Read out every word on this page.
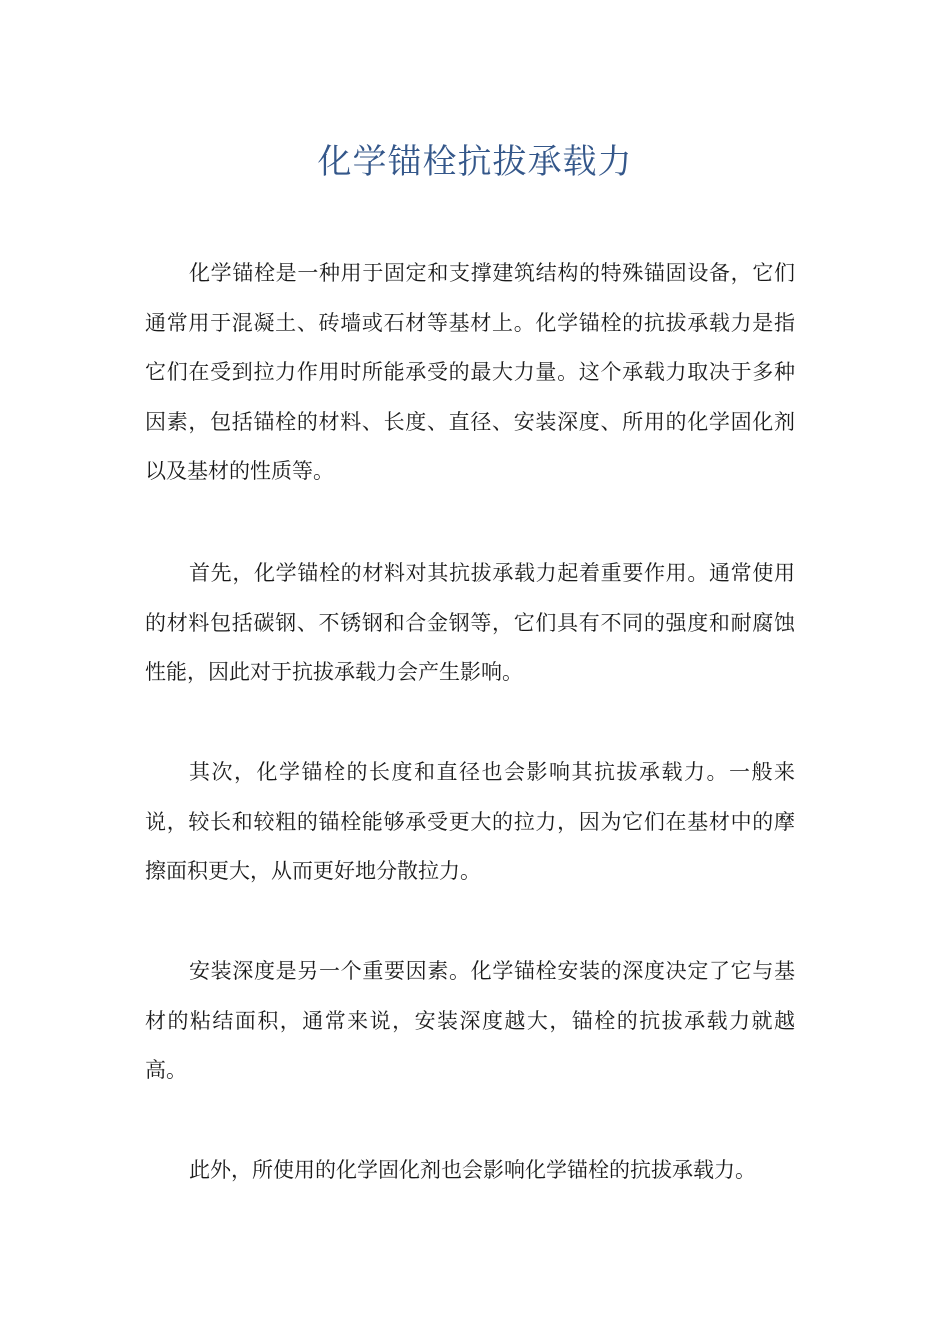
化学锚栓抗拔承载力

化学锚栓是一种用于固定和支撑建筑结构的特殊锚固设备，它们通常用于混凝土、砖墙或石材等基材上。化学锚栓的抗拔承载力是指它们在受到拉力作用时所能承受的最大力量。这个承载力取决于多种因素，包括锚栓的材料、长度、直径、安装深度、所用的化学固化剂以及基材的性质等。

首先，化学锚栓的材料对其抗拔承载力起着重要作用。通常使用的材料包括碳钢、不锈钢和合金钢等，它们具有不同的强度和耐腐蚀性能，因此对于抗拔承载力会产生影响。

其次，化学锚栓的长度和直径也会影响其抗拔承载力。一般来说，较长和较粗的锚栓能够承受更大的拉力，因为它们在基材中的摩擦面积更大，从而更好地分散拉力。

安装深度是另一个重要因素。化学锚栓安装的深度决定了它与基材的粘结面积，通常来说，安装深度越大，锚栓的抗拔承载力就越高。

此外，所使用的化学固化剂也会影响化学锚栓的抗拔承载力。
